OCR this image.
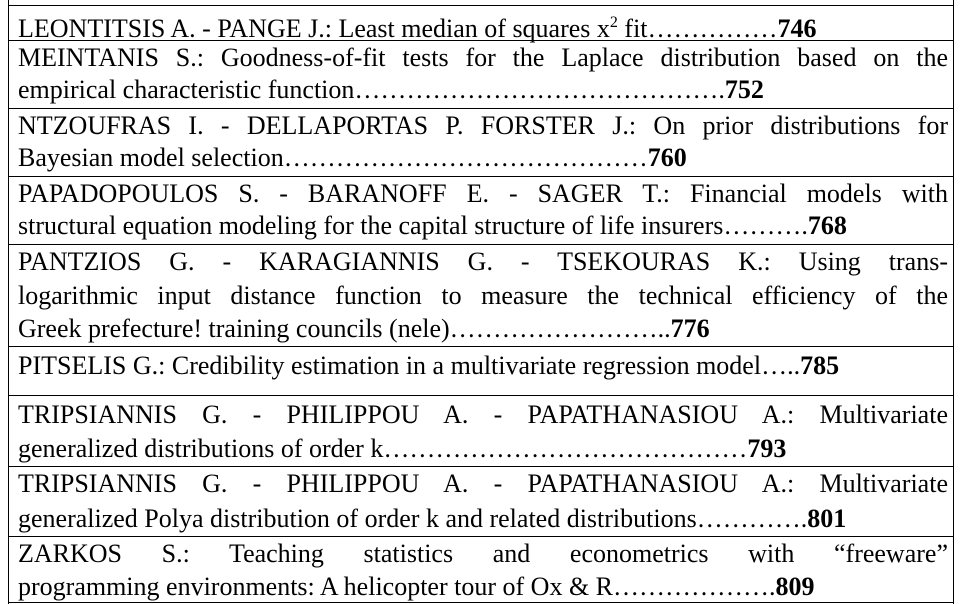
LEONTITSIS A. - PANGE J.: Least median of squares $x^2$ fit……………746
MEINTANIS S.: Goodness-of-fit tests for the Laplace distribution based on the
empirical characteristic function…………………………………….752
NTZOUFRAS I. - DELLAPORTAS P. FORSTER J.: On prior distributions for
Bayesian model selection……………………………………760
PAPADOPOULOS S. - BARANOFF E. - SAGER T.: Financial models with
structural equation modeling for the capital structure of life insurers……….768
PANTZIOS G. - KARAGIANNIS G. - TSEKOURAS K.: Using trans-
logarithmic input distance function to measure the technical efficiency of the
Greek prefecture! training councils (nele)……………………..776
PITSELIS G.: Credibility estimation in a multivariate regression model…..785
TRIPSIANNIS G. - PHILIPPOU A. - PAPATHANASIOU A.: Multivariate
generalized distributions of order k……………………………………793
TRIPSIANNIS G. - PHILIPPOU A. - PAPATHANASIOU A.: Multivariate
generalized Polya distribution of order k and related distributions………….801
ZARKOS S.: Teaching statistics and econometrics with “freeware”
programming environments: A helicopter tour of Ox & R……………….809
